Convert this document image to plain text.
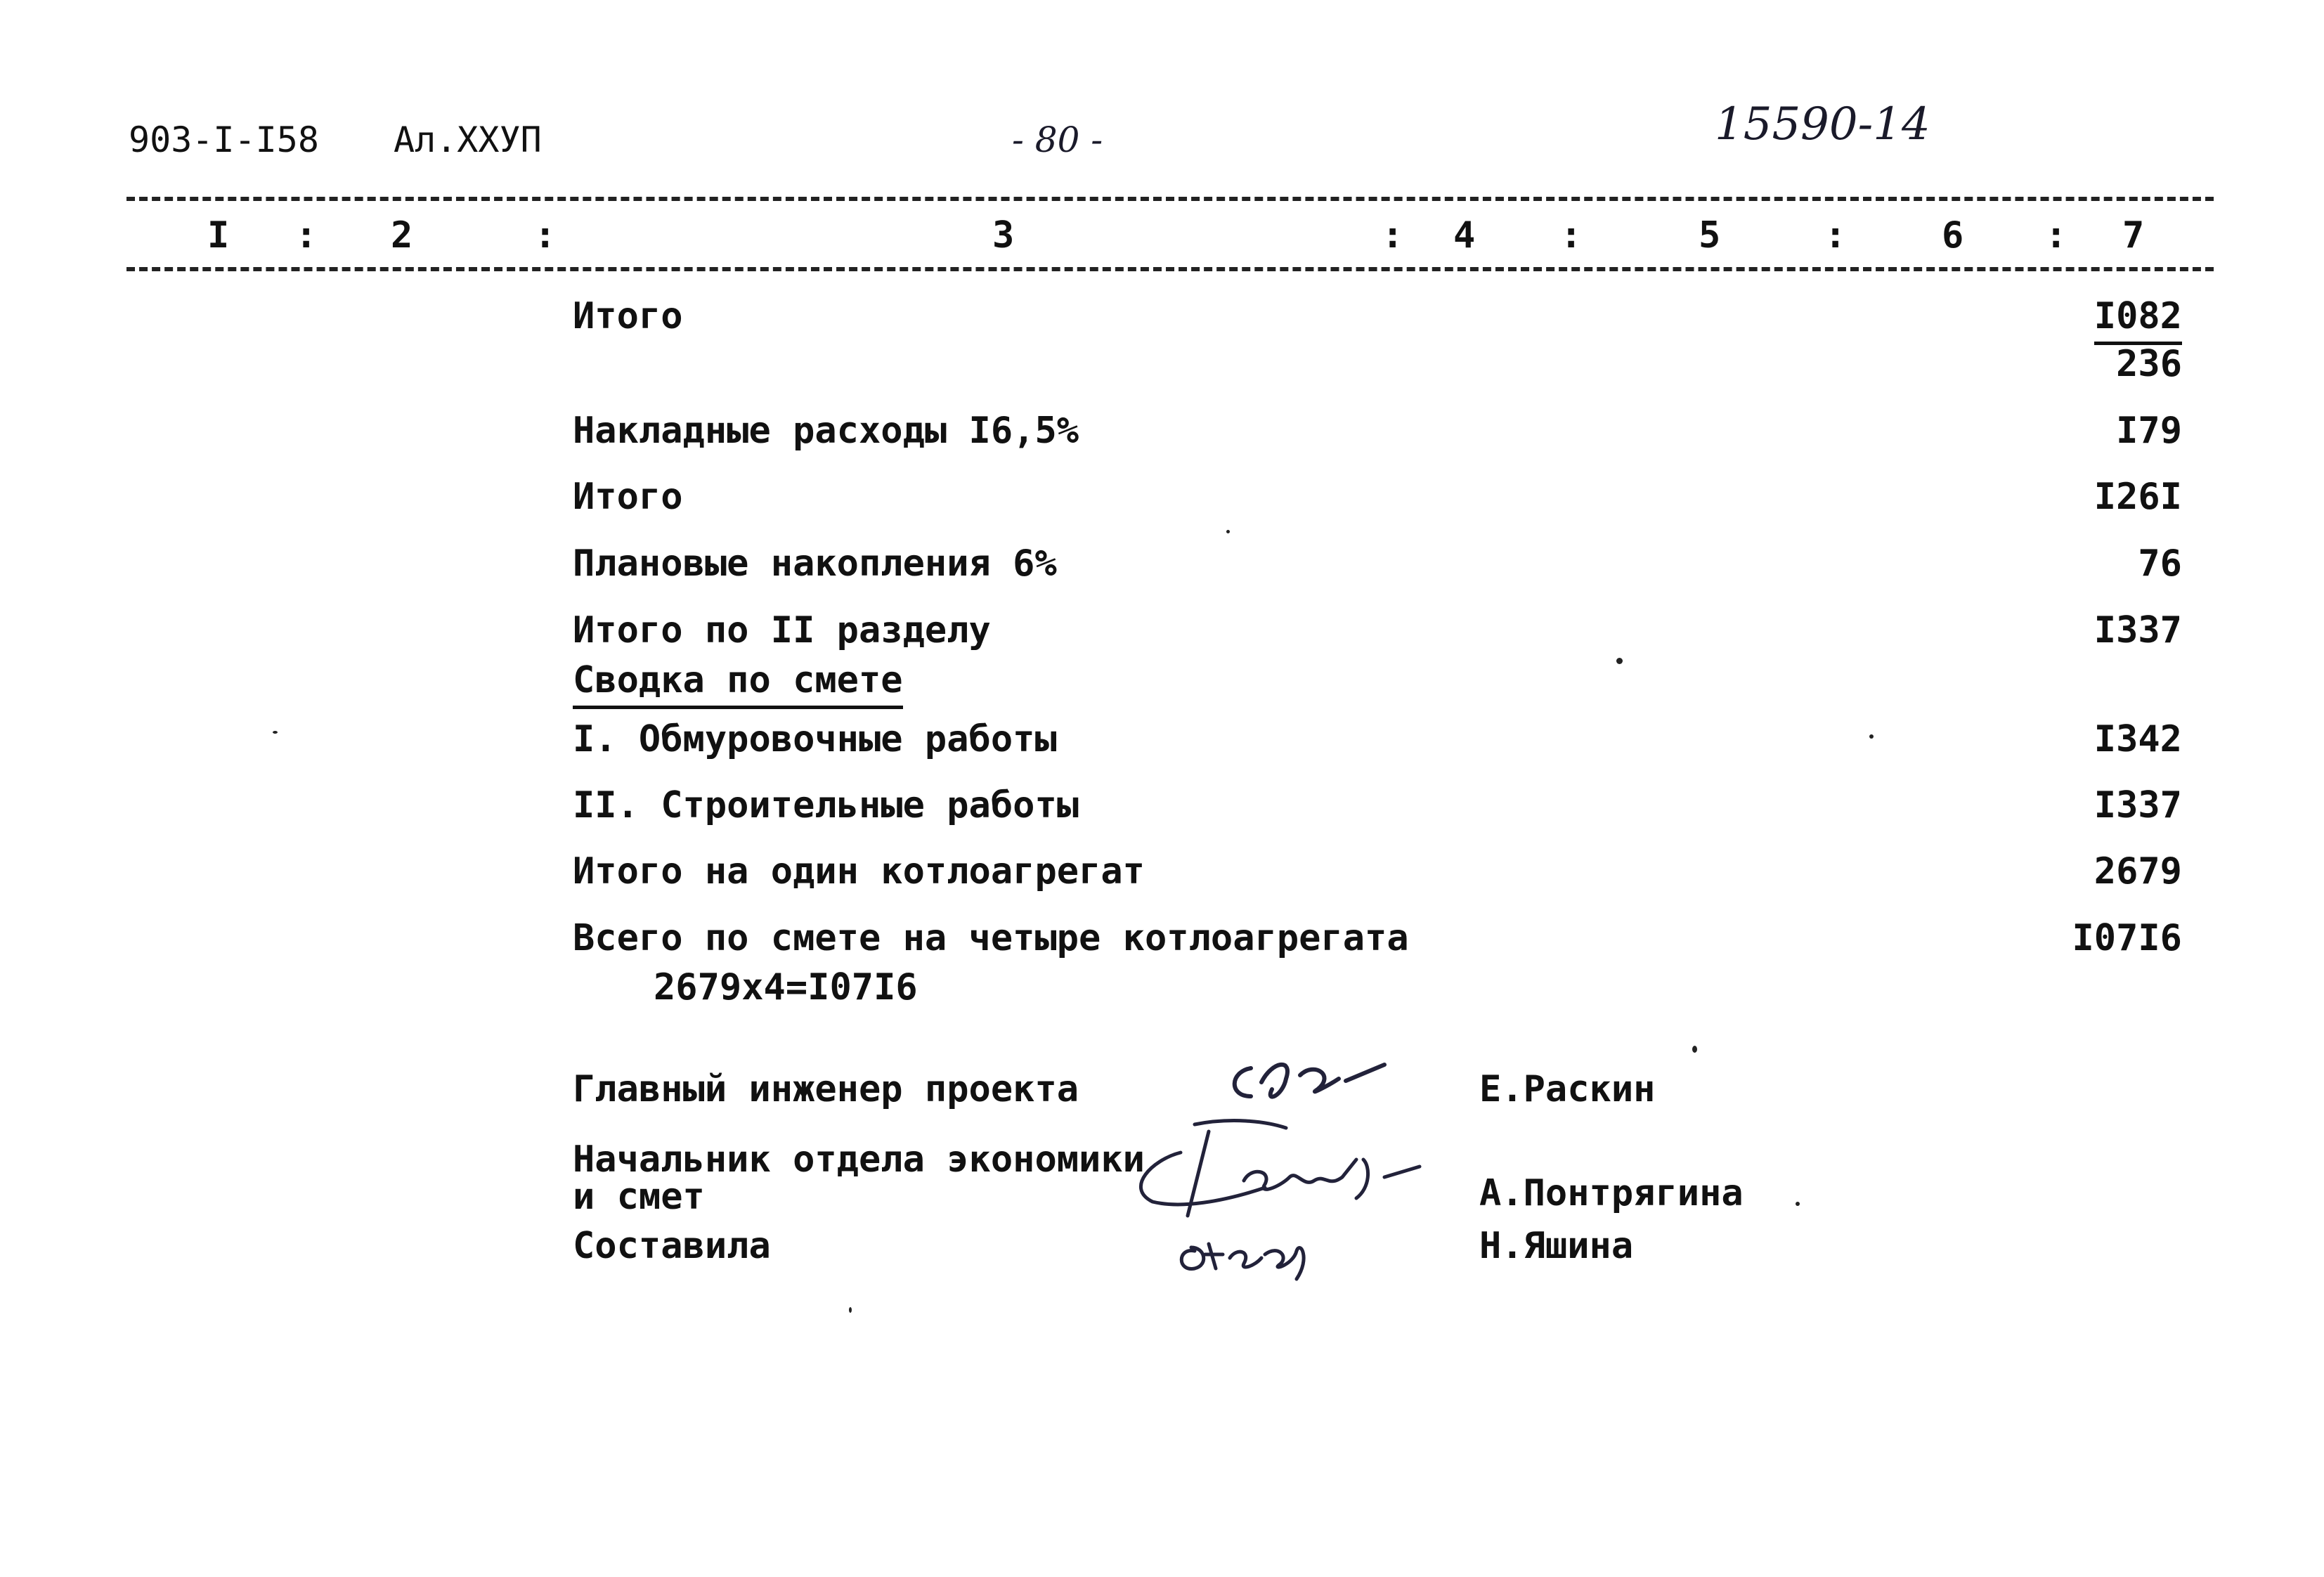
903-I-I58 Ал.XXУП	- 80 -	15590-14
I : 2	:	3	: 4 :	5	:	6 : 7
Итого	I082
236
Накладные расходы I6,5%	I79
Итого	I26I
Плановые накопления 6%	76
Итого по II разделу	I337
Сводка по смете
I. Обмуровочные работы	I342
II. Строительные работы	I337
Итого на один котлоагрегат	2679
Всего по смете на четыре котлоагрегата	I07I6
2679x4=I07I6
Главный инженер проекта	Е.Раскин
Начальник отдела экономики
и смет	А.Понтрягина
Составила	Н.Яшина
